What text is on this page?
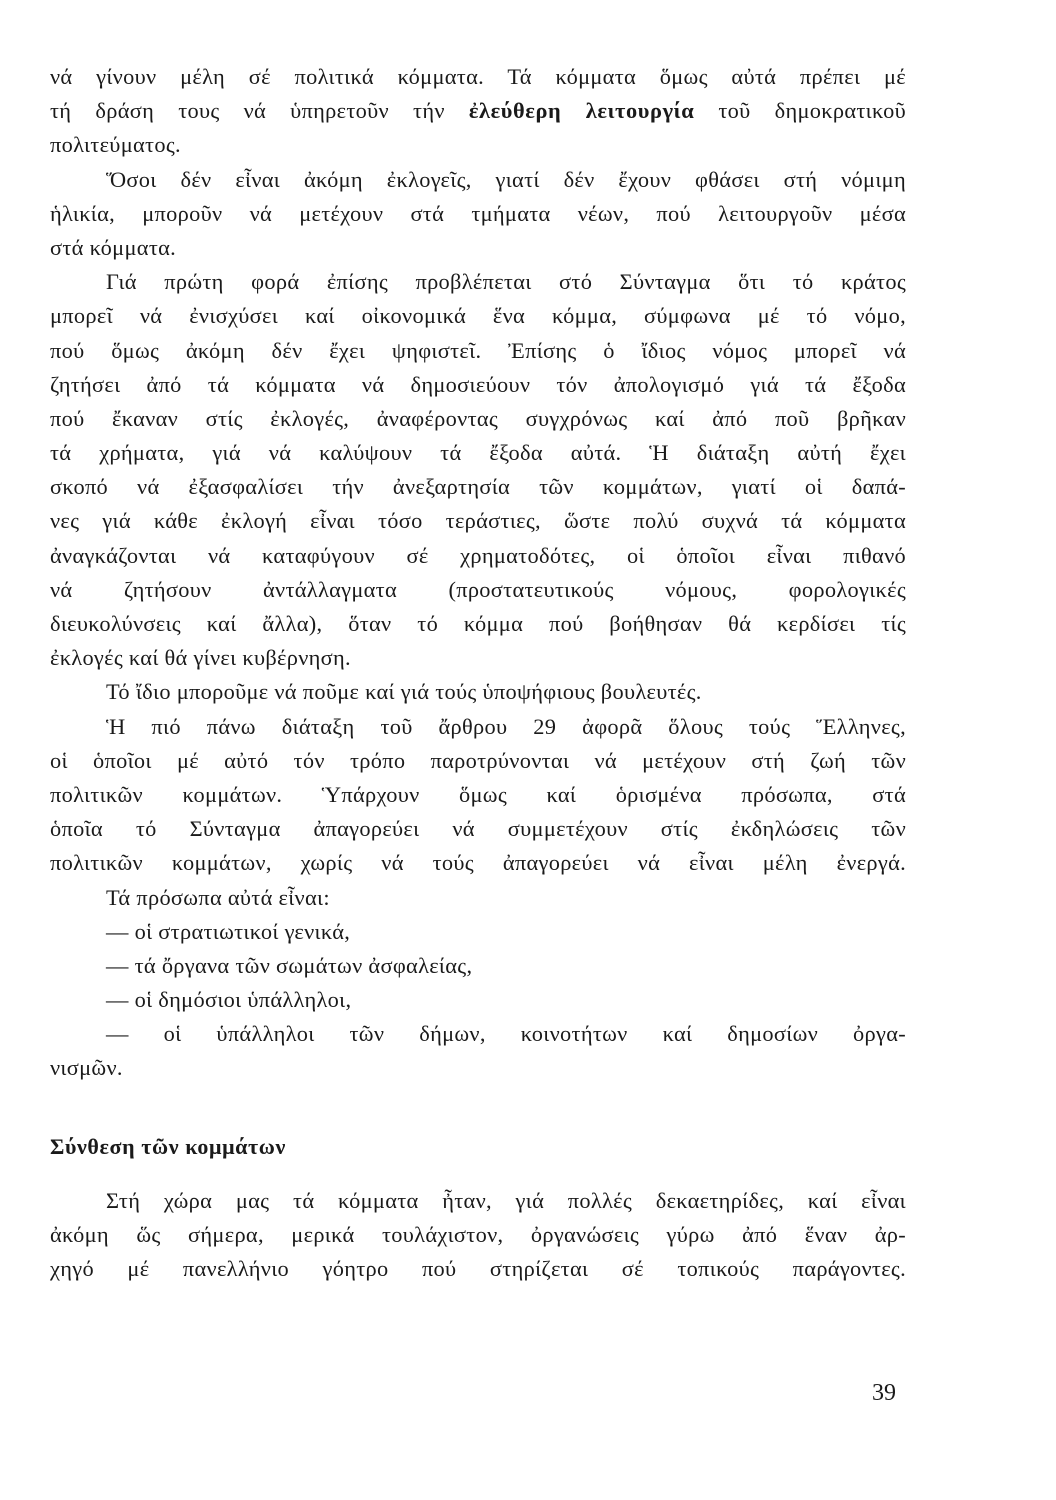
νά γίνουν μέλη σέ πολιτικά κόμματα. Τά κόμματα ὅμως αὐτά πρέπει μέ
τή δράση τους νά ὑπηρετοῦν τήν ἐλεύθερη λειτουργία τοῦ δημοκρατικοῦ
πολιτεύματος.
Ὅσοι δέν εἶναι ἀκόμη ἐκλογεῖς, γιατί δέν ἔχουν φθάσει στή νόμιμη
ἡλικία, μποροῦν νά μετέχουν στά τμήματα νέων, πού λειτουργοῦν μέσα
στά κόμματα.
Γιά πρώτη φορά ἐπίσης προβλέπεται στό Σύνταγμα ὅτι τό κράτος
μπορεῖ νά ἐνισχύσει καί οἰκονομικά ἕνα κόμμα, σύμφωνα μέ τό νόμο,
πού ὅμως ἀκόμη δέν ἔχει ψηφιστεῖ. Ἐπίσης ὁ ἴδιος νόμος μπορεῖ νά
ζητήσει ἀπό τά κόμματα νά δημοσιεύουν τόν ἀπολογισμό γιά τά ἔξοδα
πού ἔκαναν στίς ἐκλογές, ἀναφέροντας συγχρόνως καί ἀπό ποῦ βρῆκαν
τά χρήματα, γιά νά καλύψουν τά ἔξοδα αὐτά. Ἡ διάταξη αὐτή ἔχει
σκοπό νά ἐξασφαλίσει τήν ἀνεξαρτησία τῶν κομμάτων, γιατί οἱ δαπά-
νες γιά κάθε ἐκλογή εἶναι τόσο τεράστιες, ὥστε πολύ συχνά τά κόμματα
ἀναγκάζονται νά καταφύγουν σέ χρηματοδότες, οἱ ὁποῖοι εἶναι πιθανό
νά ζητήσουν ἀντάλλαγματα (προστατευτικούς νόμους, φορολογικές
διευκολύνσεις καί ἄλλα), ὅταν τό κόμμα πού βοήθησαν θά κερδίσει τίς
ἐκλογές καί θά γίνει κυβέρνηση.
Τό ἴδιο μποροῦμε νά ποῦμε καί γιά τούς ὑποψήφιους βουλευτές.
Ἡ πιό πάνω διάταξη τοῦ ἄρθρου 29 ἀφορᾶ ὅλους τούς Ἕλληνες,
οἱ ὁποῖοι μέ αὐτό τόν τρόπο παροτρύνονται νά μετέχουν στή ζωή τῶν
πολιτικῶν κομμάτων. Ὑπάρχουν ὅμως καί ὁρισμένα πρόσωπα, στά
ὁποῖα τό Σύνταγμα ἀπαγορεύει νά συμμετέχουν στίς ἐκδηλώσεις τῶν
πολιτικῶν κομμάτων, χωρίς νά τούς ἀπαγορεύει νά εἶναι μέλη ἐνεργά.
Τά πρόσωπα αὐτά εἶναι:
— οἱ στρατιωτικοί γενικά,
— τά ὄργανα τῶν σωμάτων ἀσφαλείας,
— οἱ δημόσιοι ὑπάλληλοι,
— οἱ ὑπάλληλοι τῶν δήμων, κοινοτήτων καί δημοσίων ὀργα-
νισμῶν.
Σύνθεση τῶν κομμάτων
Στή χώρα μας τά κόμματα ἦταν, γιά πολλές δεκαετηρίδες, καί εἶναι
ἀκόμη ὥς σήμερα, μερικά τουλάχιστον, ὀργανώσεις γύρω ἀπό ἕναν ἀρ-
χηγό μέ πανελλήνιο γόητρο πού στηρίζεται σέ τοπικούς παράγοντες.
39
